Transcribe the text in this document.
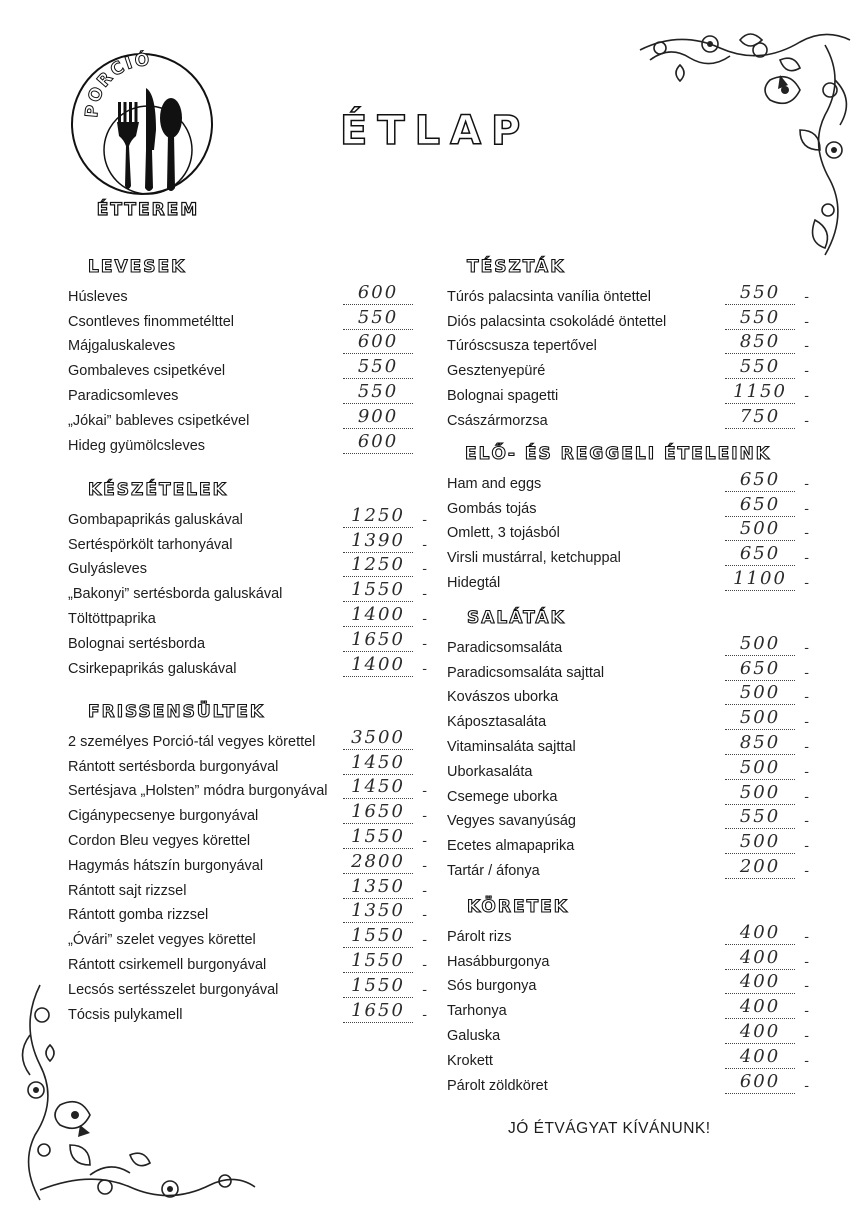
PORCIÓ
ÉTTEREM
ÉTLAP
LEVESEK
Húsleves	600
Csontleves finommetélttel	550
Májgaluskaleves	600
Gombaleves csipetkével	550
Paradicsomleves	550
„Jókai” bableves csipetkével	900
Hideg gyümölcsleves	600
KÉSZÉTELEK
Gombapaprikás galuskával	1250 -
Sertéspörkölt tarhonyával	1390 -
Gulyásleves	1250 -
„Bakonyi” sertésborda galuskával	1550 -
Töltöttpaprika	1400 -
Bolognai sertésborda	1650 -
Csirkepaprikás galuskával	1400 -
FRISSENSÜLTEK
2 személyes Porció-tál vegyes körettel	3500
Rántott sertésborda burgonyával	1450
Sertésjava „Holsten” módra burgonyával	1450 -
Cigánypecsenye burgonyával	1650 -
Cordon Bleu vegyes körettel	1550 -
Hagymás hátszín burgonyával	2800 -
Rántott sajt rizzsel	1350 -
Rántott gomba rizzsel	1350 -
„Óvári” szelet vegyes körettel	1550 -
Rántott csirkemell burgonyával	1550 -
Lecsós sertésszelet burgonyával	1550 -
Tócsis pulykamell	1650 -
TÉSZTÁK
Túrós palacsinta vanília öntettel	550 -
Diós palacsinta csokoládé öntettel	550 -
Túróscsusza tepertővel	850 -
Gesztenyepüré	550 -
Bolognai spagetti	1150 -
Császármorzsa	750 -
ELŐ- ÉS REGGELI ÉTELEINK
Ham and eggs	650 -
Gombás tojás	650 -
Omlett, 3 tojásból	500 -
Virsli mustárral, ketchuppal	650 -
Hidegtál	1100 -
SALÁTÁK
Paradicsomsaláta	500 -
Paradicsomsaláta sajttal	650 -
Kovászos uborka	500 -
Káposztasaláta	500 -
Vitaminsaláta sajttal	850 -
Uborkasaláta	500 -
Csemege uborka	500 -
Vegyes savanyúság	550 -
Ecetes almapaprika	500 -
Tartár / áfonya	200 -
KÖRETEK
Párolt rizs	400 -
Hasábburgonya	400 -
Sós burgonya	400 -
Tarhonya	400 -
Galuska	400 -
Krokett	400 -
Párolt zöldköret	600 -
JÓ ÉTVÁGYAT KÍVÁNUNK!
